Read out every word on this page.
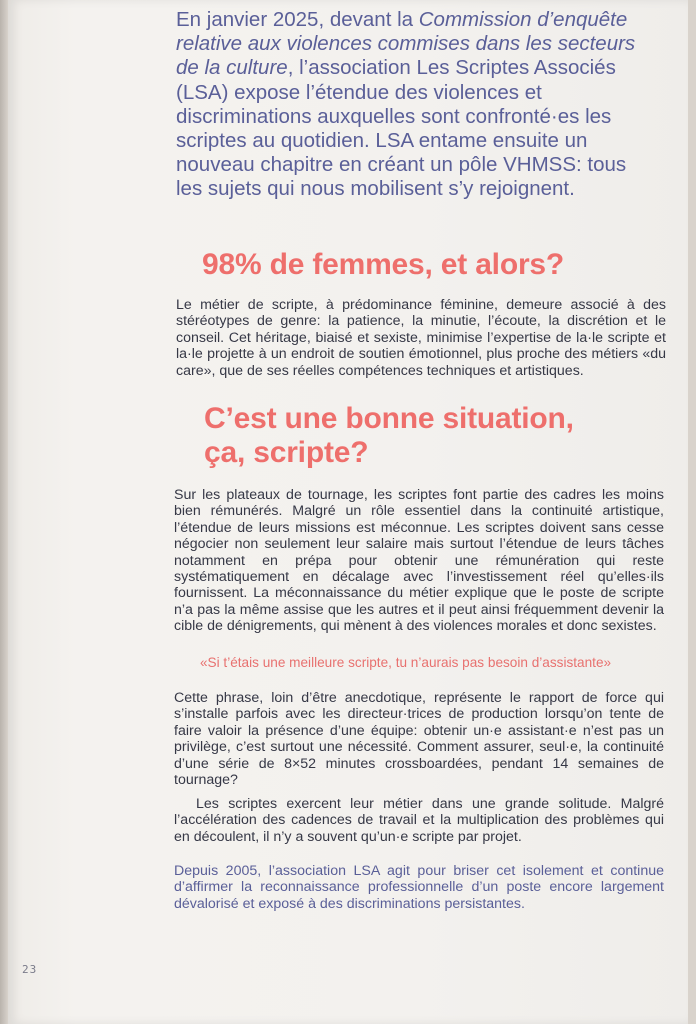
En janvier 2025, devant la Commission d’enquête relative aux violences commises dans les secteurs de la culture, l’association Les Scriptes Associés (LSA) expose l’étendue des violences et discriminations auxquelles sont confronté·es les scriptes au quotidien. LSA entame ensuite un nouveau chapitre en créant un pôle VHMSS: tous les sujets qui nous mobilisent s’y rejoignent.

98% de femmes, et alors?

Le métier de scripte, à prédominance féminine, demeure associé à des stéréotypes de genre: la patience, la minutie, l’écoute, la discrétion et le conseil. Cet héritage, biaisé et sexiste, minimise l’expertise de la·le scripte et la·le projette à un endroit de soutien émotionnel, plus proche des métiers «du care», que de ses réelles compétences techniques et artistiques.

C’est une bonne situation,
ça, scripte?

Sur les plateaux de tournage, les scriptes font partie des cadres les moins bien rémunérés. Malgré un rôle essentiel dans la continuité artistique, l’étendue de leurs missions est méconnue. Les scriptes doivent sans cesse négocier non seulement leur salaire mais surtout l’étendue de leurs tâches notamment en prépa pour obtenir une rémunération qui reste systématiquement en décalage avec l’investissement réel qu’elles·ils fournissent. La méconnaissance du métier explique que le poste de scripte n’a pas la même assise que les autres et il peut ainsi fréquemment devenir la cible de dénigrements, qui mènent à des violences morales et donc sexistes.

«Si t’étais une meilleure scripte, tu n’aurais pas besoin d’assistante»

Cette phrase, loin d’être anecdotique, représente le rapport de force qui s’installe parfois avec les directeur·trices de production lorsqu’on tente de faire valoir la présence d’une équipe: obtenir un·e assistant·e n’est pas un privilège, c’est surtout une nécessité. Comment assurer, seul·e, la continuité d’une série de 8×52 minutes crossboardées, pendant 14 semaines de tournage?

Les scriptes exercent leur métier dans une grande solitude. Malgré l’accélération des cadences de travail et la multiplication des problèmes qui en découlent, il n’y a souvent qu’un·e scripte par projet.

Depuis 2005, l’association LSA agit pour briser cet isolement et continue d’affirmer la reconnaissance professionnelle d’un poste encore largement dévalorisé et exposé à des discriminations persistantes.

23
